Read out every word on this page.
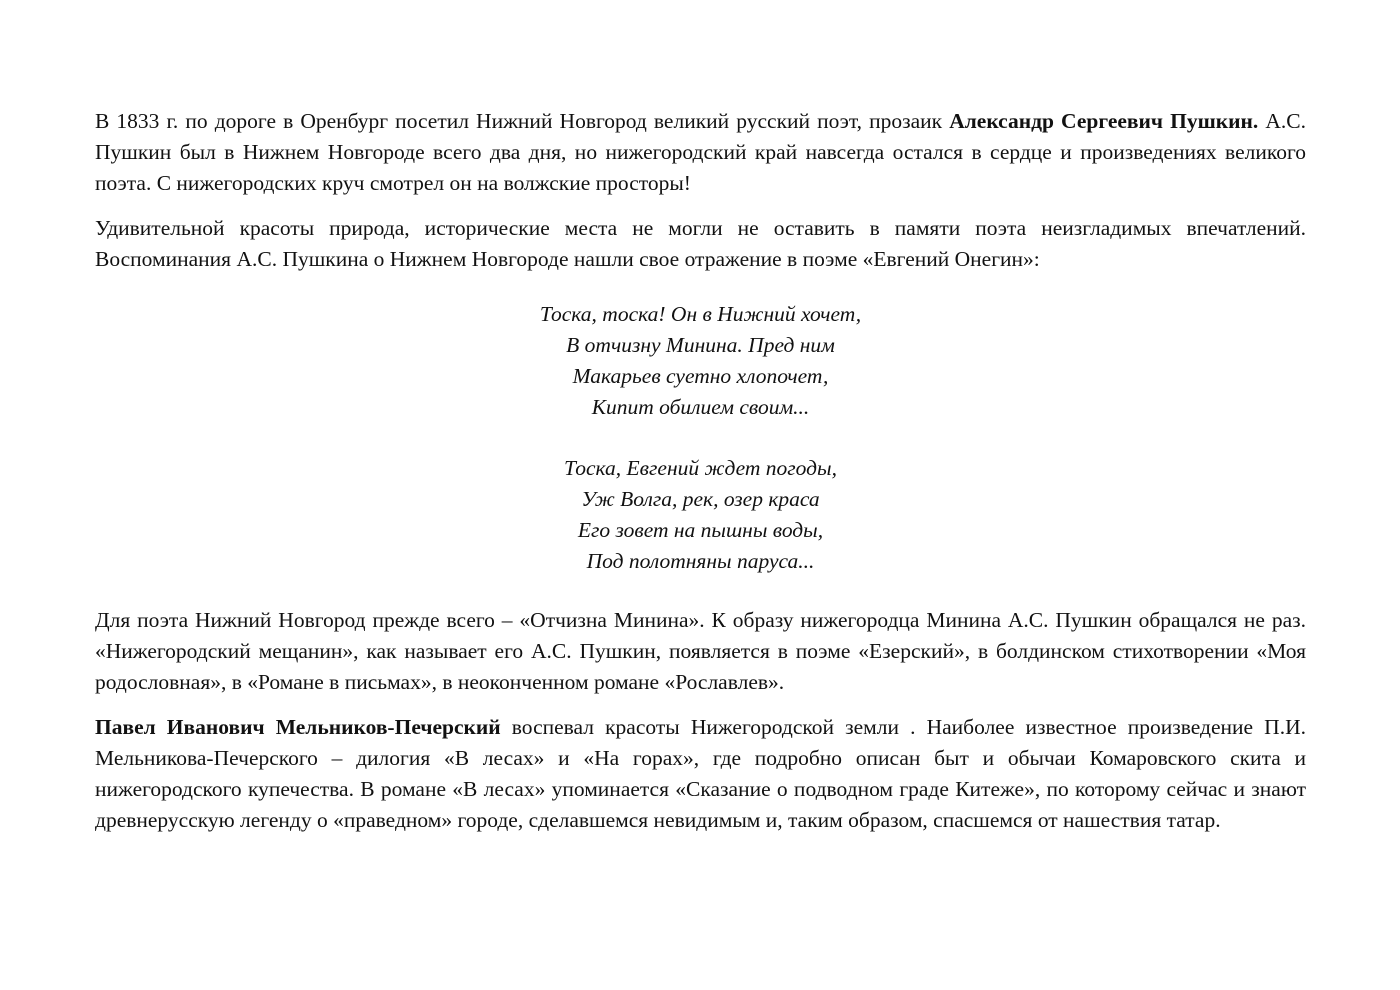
В 1833 г. по дороге в Оренбург посетил Нижний Новгород великий русский поэт, прозаик Александр Сергеевич Пушкин. А.С. Пушкин был в Нижнем Новгороде всего два дня, но нижегородский край навсегда остался в сердце и произведениях великого поэта. С нижегородских круч смотрел он на волжские просторы!

Удивительной красоты природа, исторические места не могли не оставить в памяти поэта неизгладимых впечатлений. Воспоминания А.С. Пушкина о Нижнем Новгороде нашли свое отражение в поэме «Евгений Онегин»:

Тоска, тоска! Он в Нижний хочет,
В отчизну Минина. Пред ним
Макарьев суетно хлопочет,
Кипит обилием своим...
Тоска, Евгений ждет погоды,
Уж Волга, рек, озер краса
Его зовет на пышны воды,
Под полотняны паруса...

Для поэта Нижний Новгород прежде всего – «Отчизна Минина». К образу нижегородца Минина А.С. Пушкин обращался не раз. «Нижегородский мещанин», как называет его А.С. Пушкин, появляется в поэме «Езерский», в болдинском стихотворении «Моя родословная», в «Романе в письмах», в неоконченном романе «Рославлев».

Павел Иванович Мельников-Печерский воспевал красоты Нижегородской земли . Наиболее известное произведение П.И. Мельникова-Печерского – дилогия «В лесах» и «На горах», где подробно описан быт и обычаи Комаровского скита и нижегородского купечества. В романе «В лесах» упоминается «Сказание о подводном граде Китеже», по которому сейчас и знают древнерусскую легенду о «праведном» городе, сделавшемся невидимым и, таким образом, спасшемся от нашествия татар.
